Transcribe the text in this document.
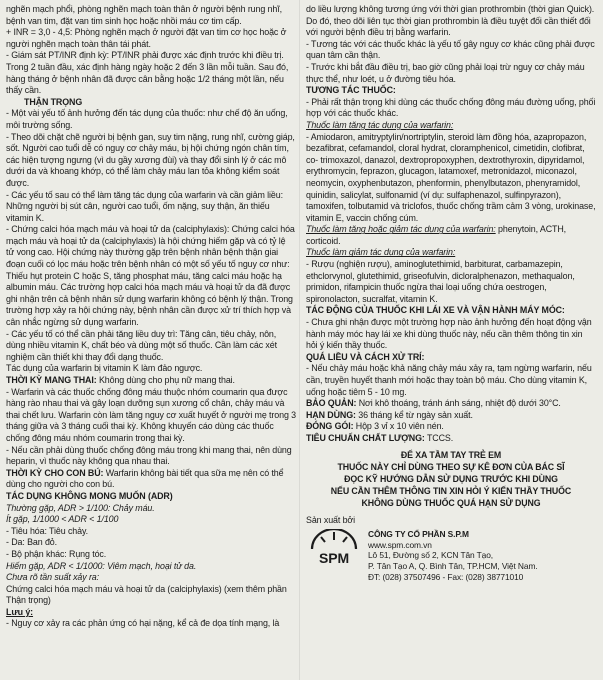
nghẽn mạch phổi, phòng nghẽn mạch toàn thân ở người bệnh rung nhĩ, bệnh van tim, đặt van tim sinh học hoặc nhồi máu cơ tim cấp.

+ INR = 3,0 - 4,5: Phòng nghẽn mạch ở người đặt van tim cơ học hoặc ở người nghẽn mạch toàn thân tái phát.

- Giám sát PT/INR định kỳ: PT/INR phải được xác định trước khi điều trị. Trong 2 tuần đầu, xác định hàng ngày hoặc 2 đến 3 lần mỗi tuần. Sau đó, hàng tháng ở bệnh nhân đã được cân bằng hoặc 1/2 tháng một lần, nếu thấy cần.

THẬN TRỌNG

- Một vài yếu tố ảnh hưởng đến tác dụng của thuốc: như chế độ ăn uống, môi trường sống.

- Theo dõi chặt chẽ người bị bệnh gan, suy tim nặng, rung nhĩ, cường giáp, sốt. Người cao tuổi dễ có nguy cơ chảy máu, bị hội chứng ngón chân tím, các hiện tượng ngưng (vì du gầy xương đùi) và thay đổi sinh lý ở các mô dưới da và khoang khớp, có thể làm chảy máu lan tỏa không kiểm soát được.

- Các yếu tố sau có thể làm tăng tác dụng của warfarin và cần giảm liều: Những người bị sút cân, người cao tuổi, ốm nặng, suy thận, ăn thiếu vitamin K.

- Chứng calci hóa mạch máu và hoại tử da (calciphylaxis): Chứng calci hóa mạch máu và hoại tử da (calciphylaxis) là hội chứng hiếm gặp và có tỷ lệ tử vong cao. Hội chứng này thường gặp trên bệnh nhân bệnh thận giai đoạn cuối có lọc máu hoặc trên bệnh nhân có một số yếu tố nguy cơ như: Thiếu hụt protein C hoặc S, tăng phosphat máu, tăng calci máu hoặc hạ albumin máu. Các trường hợp calci hóa mạch máu và hoại tử da đã được ghi nhận trên cả bệnh nhân sử dụng warfarin không có bệnh lý thận. Trong trường hợp xảy ra hội chứng này, bệnh nhân cần được xử trí thích hợp và cân nhắc ngừng sử dụng warfarin.

- Các yếu tố có thể cần phải tăng liều duy trì: Tăng cân, tiêu chảy, nôn, dùng nhiều vitamin K, chất béo và dùng một số thuốc. Cần làm các xét nghiệm cần thiết khi thay đổi dạng thuốc.

Tác dụng của warfarin bị vitamin K làm đảo ngược.

THỜI KỲ MANG THAI: Không dùng cho phụ nữ mang thai.

- Warfarin và các thuốc chống đông máu thuộc nhóm coumarin qua được hàng rào nhau thai và gây loạn dưỡng sụn xương cổ chân, chảy máu và thai chết lưu. Warfarin còn làm tăng nguy cơ xuất huyết ở người mẹ trong 3 tháng giữa và 3 tháng cuối thai kỳ. Không khuyến cáo dùng các thuốc chống đông máu nhóm coumarin trong thai kỳ.

- Nếu cần phải dùng thuốc chống đông máu trong khi mang thai, nên dùng heparin, vì thuốc này không qua nhau thai.

THỜI KỲ CHO CON BÚ: Warfarin không bài tiết qua sữa mẹ nên có thể dùng cho người cho con bú.

TÁC DỤNG KHÔNG MONG MUỐN (ADR)

Thường gặp, ADR > 1/100: Chảy máu.

Ít gặp, 1/1000 < ADR < 1/100

- Tiêu hóa: Tiêu chảy.

- Da: Ban đỏ.

- Bộ phận khác: Rụng tóc.

Hiếm gặp, ADR < 1/1000: Viêm mạch, hoại tử da.

Chưa rõ tần suất xảy ra:

Chứng calci hóa mạch máu và hoại tử da (calciphylaxis) (xem thêm phần Thận trọng)

Lưu ý:

- Nguy cơ xảy ra các phản ứng có hại nặng, kể cả đe dọa tính mạng, là

do liều lượng không tương ứng với thời gian prothrombin (thời gian Quick). Do đó, theo dõi liên tục thời gian prothrombin là điều tuyệt đối cần thiết đối với người bệnh điều trị bằng warfarin.

- Tương tác với các thuốc khác là yếu tố gây nguy cơ khác cũng phải được quan tâm cần thận.

- Trước khi bắt đầu điều trị, bao giờ cũng phải loại trừ nguy cơ chảy máu thực thể, như loét, u ở đường tiêu hóa.

TƯƠNG TÁC THUỐC:

- Phải rất thận trọng khi dùng các thuốc chống đông máu đường uống, phối hợp với các thuốc khác.

Thuốc làm tăng tác dụng của warfarin:

- Amiodaron, amitryptylin/nortriptylin, steroid làm đồng hóa, azapropazon, bezafibrat, cefamandol, cloral hydrat, cloramphenicol, cimetidin, clofibrat, co- trimoxazol, danazol, dextropropoxyphen, dextrothyroxin, dipyridamol, erythromycin, feprazon, glucagon, latamoxef, metronidazol, miconazol, neomycin, oxyphenbutazon, phenformin, phenylbutazon, phenyramidol, quinidin, salicylat, sulfonamid (ví dụ: sulfaphenazol, sulfinpyrazon), tamoxifen, tolbutamid và triclofos, thuốc chống trầm cảm 3 vòng, urokinase, vitamin E, vaccin chống cúm.

Thuốc làm tăng hoặc giảm tác dụng của warfarin: phenytoin, ACTH, corticoid.

Thuốc làm giảm tác dụng của warfarin:

- Rượu (nghiện rượu), aminoglutethimid, barbiturat, carbamazepin, ethclorvynol, glutethimid, griseofulvin, dicloralphenazon, methaqualon, primidon, rifampicin thuốc ngừa thai loại uống chứa oestrogen, spironolacton, sucralfat, vitamin K.

TÁC ĐỘNG CỦA THUỐC KHI LÁI XE VÀ VẬN HÀNH MÁY MÓC:

- Chưa ghi nhận được một trường hợp nào ảnh hưởng đến hoạt động vận hành máy móc hay lái xe khi dùng thuốc này, nếu cần thêm thông tin xin hỏi ý kiến thầy thuốc.

QUÁ LIỀU VÀ CÁCH XỬ TRÍ:

- Nếu chảy máu hoặc khả năng chảy máu xảy ra, tạm ngừng warfarin, nếu cần, truyền huyết thanh mới hoặc thay toàn bộ máu. Cho dùng vitamin K, uống hoặc tiêm 5 - 10 mg.

BẢO QUẢN: Nơi khô thoáng, tránh ánh sáng, nhiệt độ dưới 30°C.

HẠN DÙNG: 36 tháng kể từ ngày sản xuất.

ĐÓNG GÓI: Hộp 3 vỉ x 10 viên nén.

TIÊU CHUẨN CHẤT LƯỢNG: TCCS.

ĐỂ XA TẦM TAY TRẺ EM

THUỐC NÀY CHỈ DÙNG THEO SỰ KÊ ĐƠN CỦA BÁC SĨ

ĐỌC KỸ HƯỚNG DẪN SỬ DỤNG TRƯỚC KHI DÙNG

NẾU CẦN THÊM THÔNG TIN XIN HỎI Ý KIẾN THẦY THUỐC

KHÔNG DÙNG THUỐC QUÁ HẠN SỬ DỤNG

Sản xuất bởi

SPM

CÔNG TY CỔ PHẦN S.P.M

www.spm.com.vn

Lô 51, Đường số 2, KCN Tân Tạo,

P. Tân Tạo A, Q. Bình Tân, TP.HCM, Việt Nam.

ĐT: (028) 37507496 - Fax: (028) 38771010
